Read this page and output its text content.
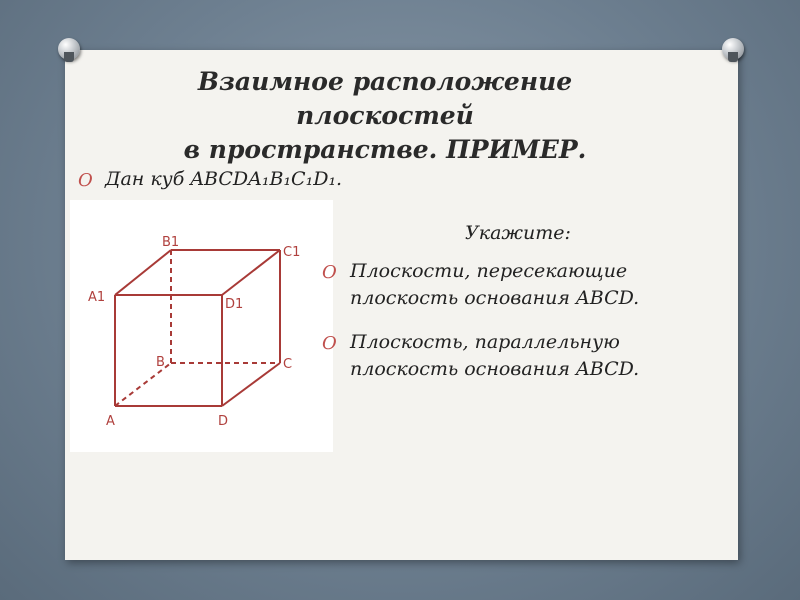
Взаимное расположение плоскостей
в пространстве. ПРИМЕР.
O Дан куб ABCDA₁B₁C₁D₁.
B1
C1
A1	D1
B	C
A	D
Укажите:
O Плоскости, пересекающие плоскость основания ABCD.
O Плоскость, параллельную плоскость основания ABCD.
